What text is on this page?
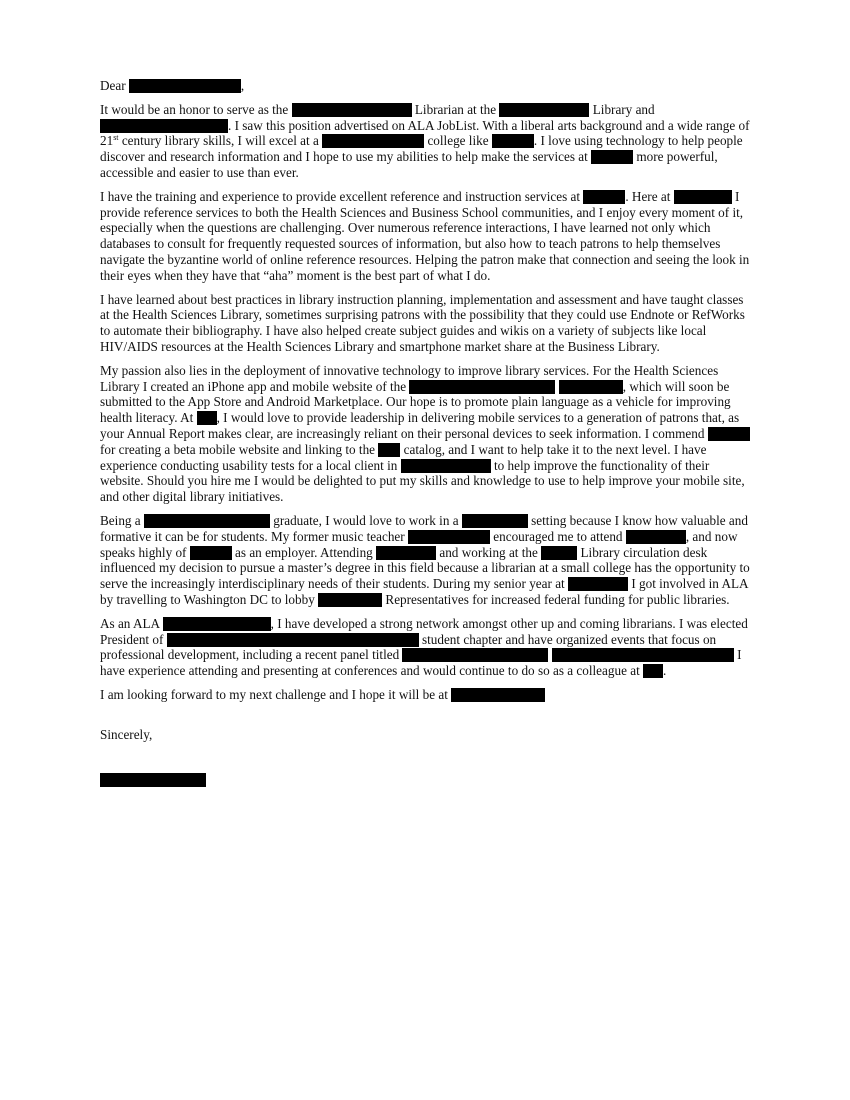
Dear	,

It would be an honor to serve as the	Librarian at the	Library and . I saw this position advertised on ALA JobList. With a liberal arts background and a wide range of 21st century library skills, I will excel at a	college like	. I love using technology to help people discover and research information and I hope to use my abilities to help make the services at	more powerful, accessible and easier to use than ever.

I have the training and experience to provide excellent reference and instruction services at	. Here at	I provide reference services to both the Health Sciences and Business School communities, and I enjoy every moment of it, especially when the questions are challenging. Over numerous reference interactions, I have learned not only which databases to consult for frequently requested sources of information, but also how to teach patrons to help themselves navigate the byzantine world of online reference resources. Helping the patron make that connection and seeing the look in their eyes when they have that “aha” moment is the best part of what I do.

I have learned about best practices in library instruction planning, implementation and assessment and have taught classes at the Health Sciences Library, sometimes surprising patrons with the possibility that they could use Endnote or RefWorks to automate their bibliography. I have also helped create subject guides and wikis on a variety of subjects like local HIV/AIDS resources at the Health Sciences Library and smartphone market share at the Business Library.

My passion also lies in the deployment of innovative technology to improve library services. For the Health Sciences Library I created an iPhone app and mobile website of the	, which will soon be submitted to the App Store and Android Marketplace. Our hope is to promote plain language as a vehicle for improving health literacy. At , I would love to provide leadership in delivering mobile services to a generation of patrons that, as your Annual Report makes clear, are increasingly reliant on their personal devices to seek information. I commend  for creating a beta mobile website and linking to the catalog, and I want to help take it to the next level. I have experience conducting usability tests for a local client in	to help improve the functionality of their website. Should you hire me I would be delighted to put my skills and knowledge to use to help improve your mobile site, and other digital library initiatives.

Being a	graduate, I would love to work in a	setting because I know how valuable and formative it can be for students. My former music teacher	encouraged me to attend	, and now speaks highly of	as an employer. Attending	and working at the	Library circulation desk influenced my decision to pursue a master’s degree in this field because a librarian at a small college has the opportunity to serve the increasingly interdisciplinary needs of their students. During my senior year at	I got involved in ALA by travelling to Washington DC to lobby	Representatives for increased federal funding for public libraries.

As an ALA	, I have developed a strong network amongst other up and coming librarians. I was elected President of	student chapter and have organized events that focus on professional development, including a recent panel titled	I have experience attending and presenting at conferences and would continue to do so as a colleague at .

I am looking forward to my next challenge and I hope it will be at

Sincerely,
